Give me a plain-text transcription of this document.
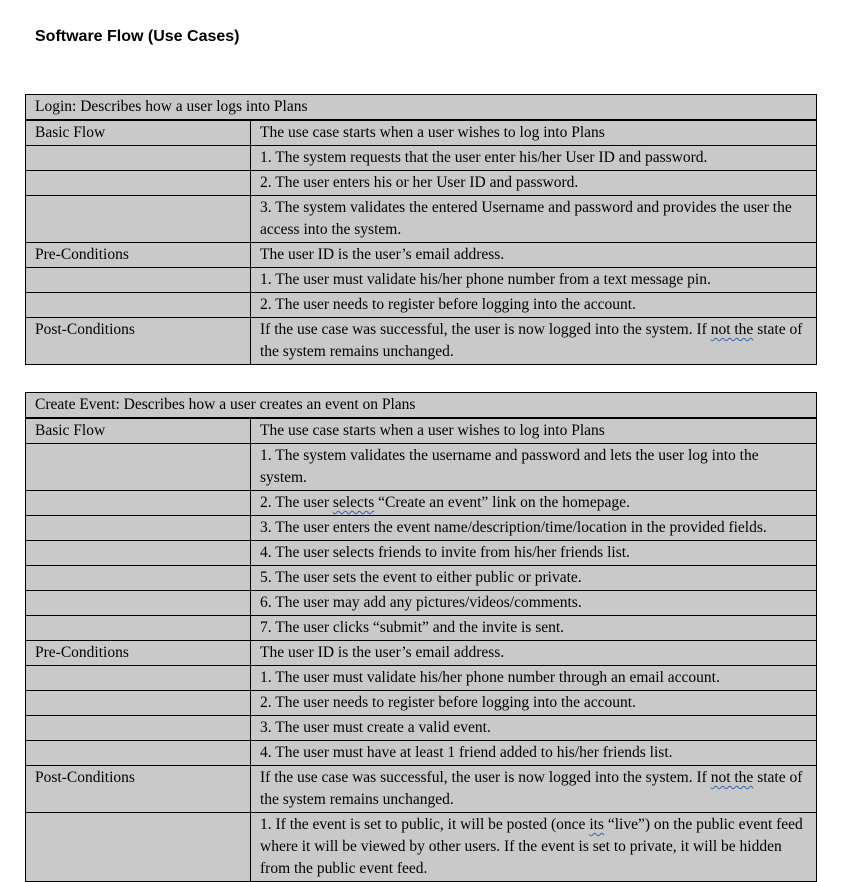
Software Flow (Use Cases)
Login: Describes how a user logs into Plans	
Basic Flow	The use case starts when a user wishes to log into Plans
	1. The system requests that the user enter his/her User ID and password.
	2. The user enters his or her User ID and password.
	3. The system validates the entered Username and password and provides the user the access into the system.
Pre-Conditions	The user ID is the user’s email address.
	1. The user must validate his/her phone number from a text message pin.
	2. The user needs to register before logging into the account.
Post-Conditions	If the use case was successful, the user is now logged into the system. If not the state of the system remains unchanged.
Create Event: Describes how a user creates an event on Plans	
Basic Flow	The use case starts when a user wishes to log into Plans
	1. The system validates the username and password and lets the user log into the system.
	2. The user selects “Create an event” link on the homepage.
	3. The user enters the event name/description/time/location in the provided fields.
	4. The user selects friends to invite from his/her friends list.
	5. The user sets the event to either public or private.
	6. The user may add any pictures/videos/comments.
	7. The user clicks “submit” and the invite is sent.
Pre-Conditions	The user ID is the user’s email address.
	1. The user must validate his/her phone number through an email account.
	2. The user needs to register before logging into the account.
	3. The user must create a valid event.
	4. The user must have at least 1 friend added to his/her friends list.
Post-Conditions	If the use case was successful, the user is now logged into the system. If not the state of the system remains unchanged.
	1. If the event is set to public, it will be posted (once its “live”) on the public event feed where it will be viewed by other users. If the event is set to private, it will be hidden from the public event feed.
